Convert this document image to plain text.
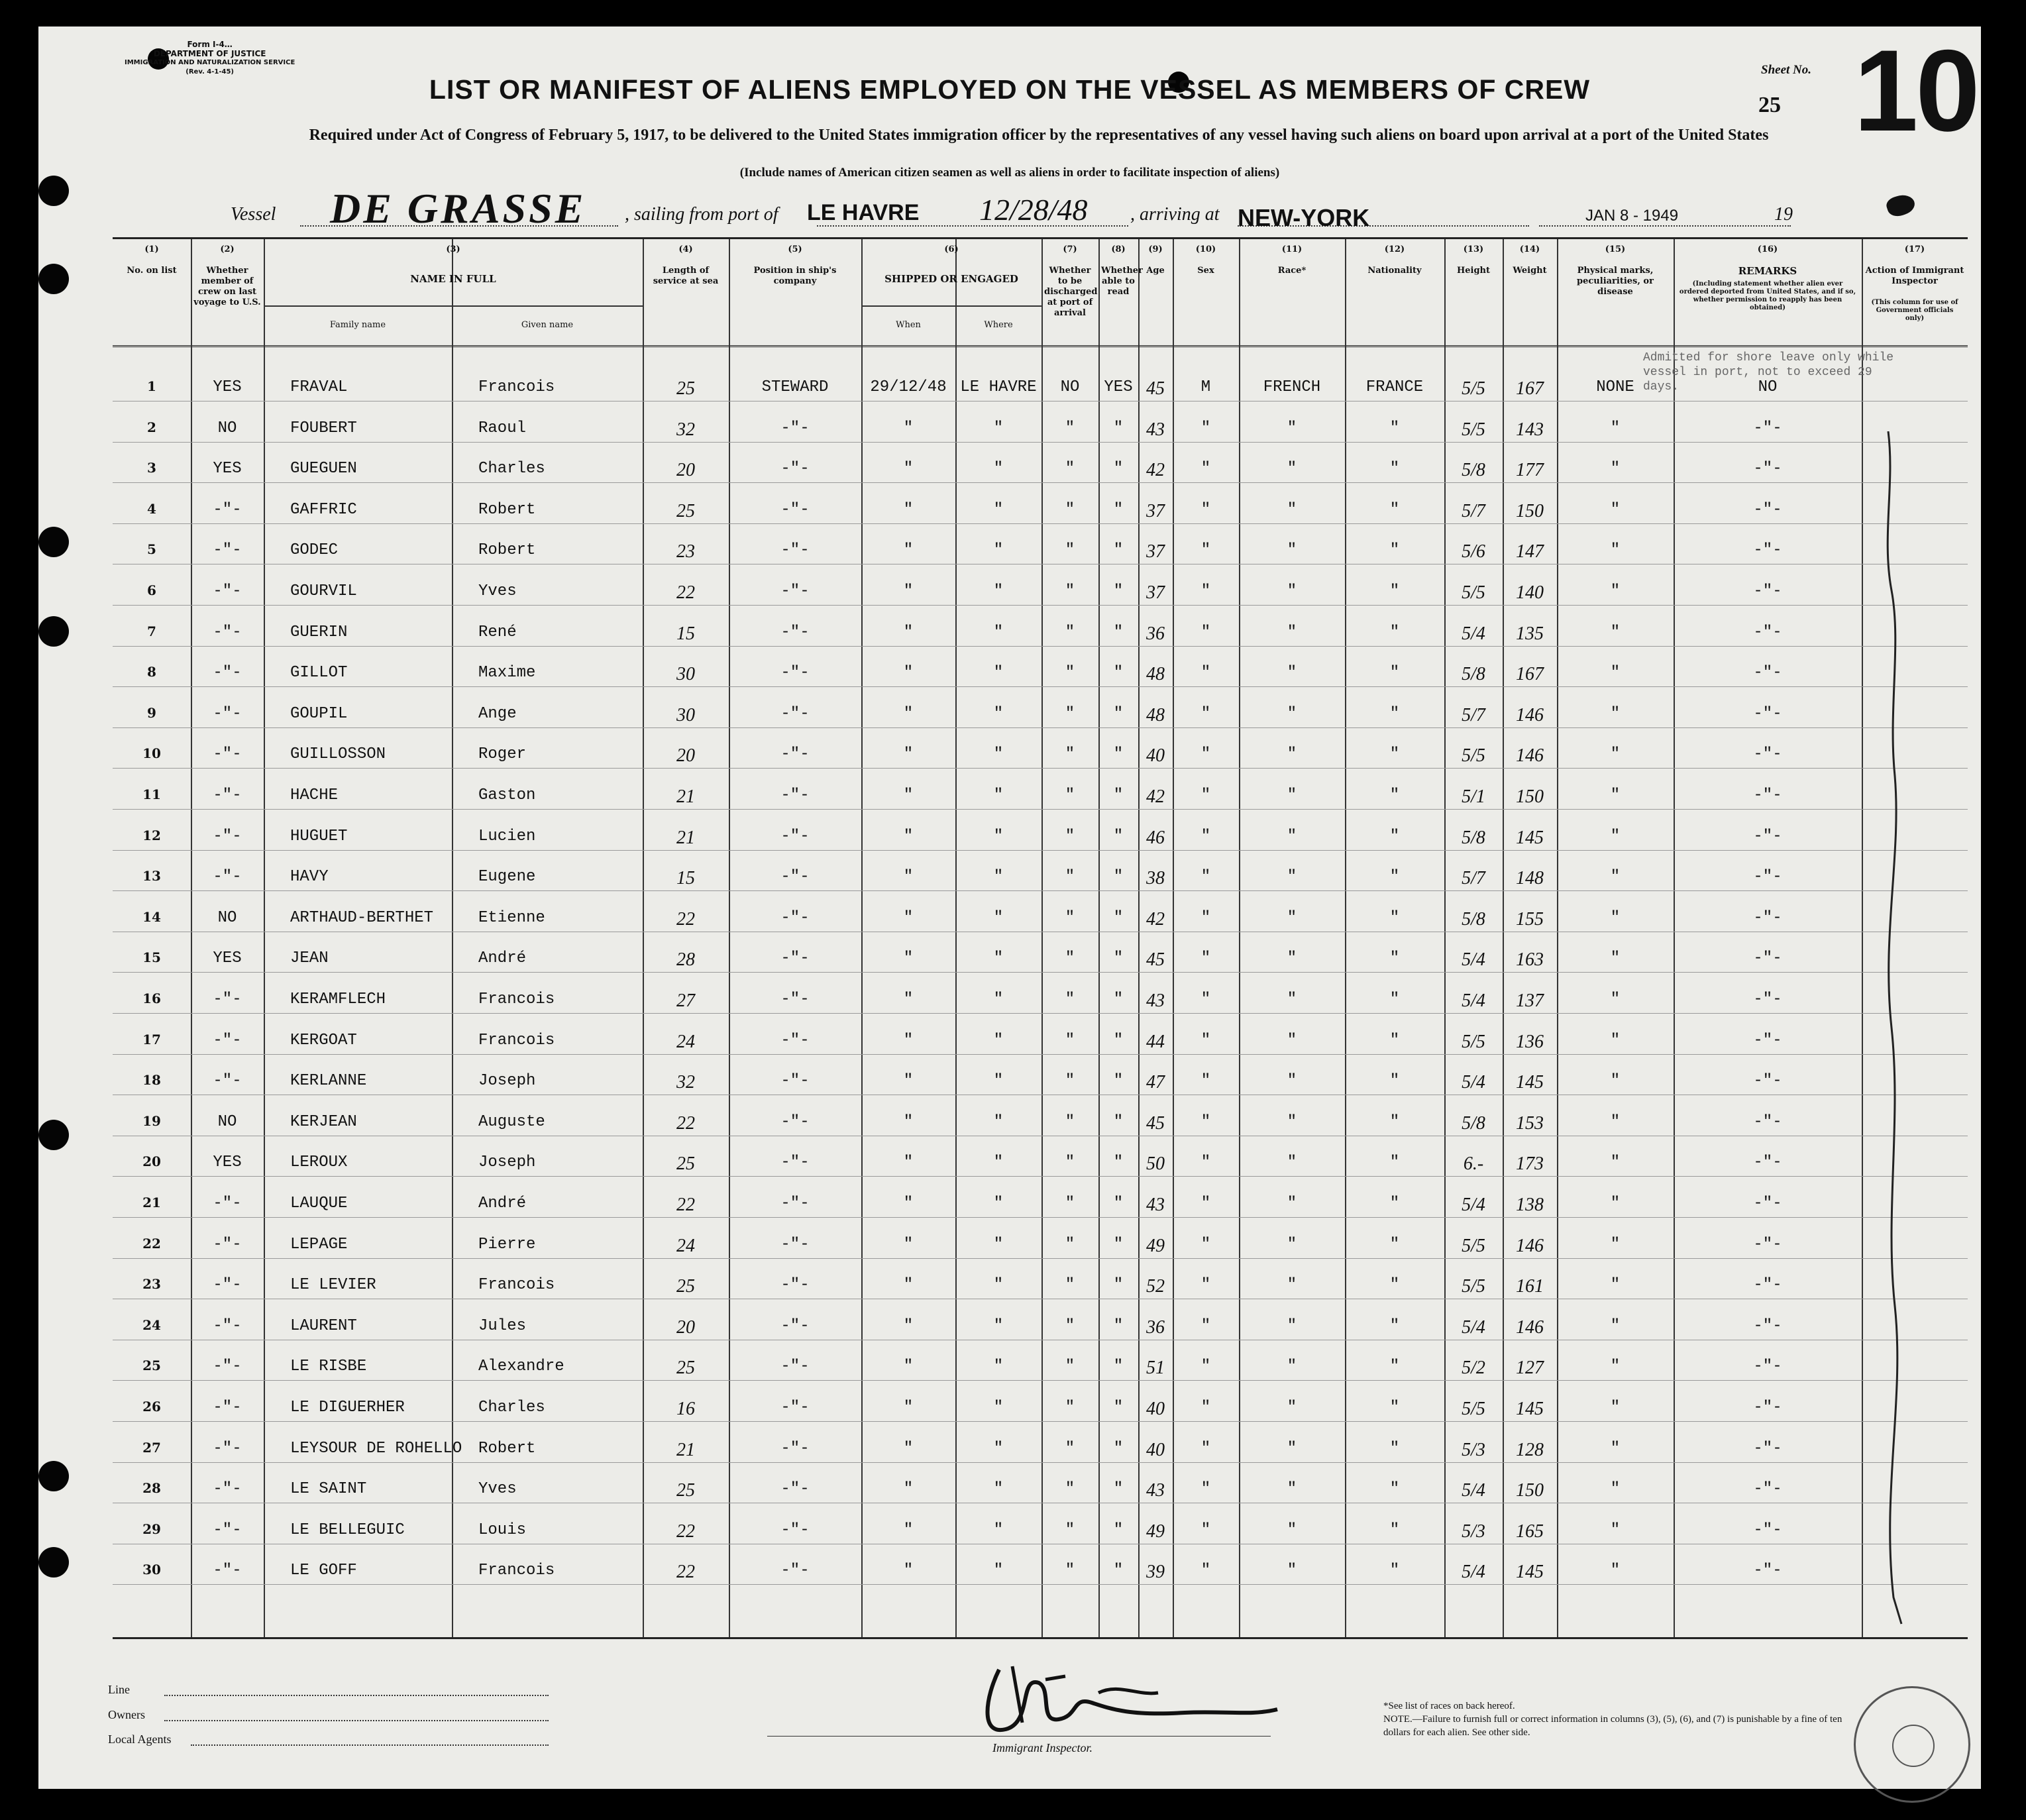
Form I-4…
DEPARTMENT OF JUSTICE
IMMIGRATION AND NATURALIZATION SERVICE
(Rev. 4-1-45)
LIST OR MANIFEST OF ALIENS EMPLOYED ON THE VESSEL AS MEMBERS OF CREW
Sheet No.
25 10
Required under Act of Congress of February 5, 1917, to be delivered to the United States immigration officer by the representatives of any vessel having such aliens on board upon arrival at a port of the United States
(Include names of American citizen seamen as well as aliens in order to facilitate inspection of aliens)
Vessel DE GRASSE , sailing from port of LE HAVRE 12/28/48 , arriving at NEW-YORK	JAN 8 - 1949	19
(1)
No. on list
(2)
Whether member of crew on last voyage to U.S.
(3)
NAME IN FULL
Family name	Given name
(4)
Length of service at sea
(5)
Position in ship's company
(6)
SHIPPED OR ENGAGED
When	Where
(7)
Whether to be discharged at port of arrival
(8)
Whether able to read
(9)
Age
(10)
Sex
(11)
Race*
(12)
Nationality
(13)
Height
(14)
Weight
(15)
Physical marks, peculiarities, or disease
(16)
REMARKS
(Including statement whether alien ever ordered deported from United States, and if so, whether permission to reapply has been obtained)
(17)
Action of Immigrant Inspector
(This column for use of Government officials only)
Admitted for shore leave only while vessel in port, not to exceed 29 days.
1	YES	FRAVAL	Francois	25	STEWARD	29/12/48 LE HAVRE	NO	YES 45	M	FRENCH	FRANCE	5/5	167	NONE	NO
2	NO	FOUBERT	Raoul	32	-"-	"	"	"	"	43	"	"	"	5/5	143	"	-"-
3	YES	GUEGUEN	Charles	20	-"-	"	"	"	"	42	"	"	"	5/8	177	"	-"-
4	-"-	GAFFRIC	Robert	25	-"-	"	"	"	"	37	"	"	"	5/7	150	"	-"-
5	-"-	GODEC	Robert	23	-"-	"	"	"	"	37	"	"	"	5/6	147	"	-"-
6	-"-	GOURVIL	Yves	22	-"-	"	"	"	"	37	"	"	"	5/5	140	"	-"-
7	-"-	GUERIN	René	15	-"-	"	"	"	"	36	"	"	"	5/4	135	"	-"-
8	-"-	GILLOT	Maxime	30	-"-	"	"	"	"	48	"	"	"	5/8	167	"	-"-
9	-"-	GOUPIL	Ange	30	-"-	"	"	"	"	48	"	"	"	5/7	146	"	-"-
10	-"-	GUILLOSSON	Roger	20	-"-	"	"	"	"	40	"	"	"	5/5	146	"	-"-
11	-"-	HACHE	Gaston	21	-"-	"	"	"	"	42	"	"	"	5/1	150	"	-"-
12	-"-	HUGUET	Lucien	21	-"-	"	"	"	"	46	"	"	"	5/8	145	"	-"-
13	-"-	HAVY	Eugene	15	-"-	"	"	"	"	38	"	"	"	5/7	148	"	-"-
14	NO	ARTHAUD-BERTHET	Etienne	22	-"-	"	"	"	"	42	"	"	"	5/8	155	"	-"-
15	YES	JEAN	André	28	-"-	"	"	"	"	45	"	"	"	5/4	163	"	-"-
16	-"-	KERAMFLECH	Francois	27	-"-	"	"	"	"	43	"	"	"	5/4	137	"	-"-
17	-"-	KERGOAT	Francois	24	-"-	"	"	"	"	44	"	"	"	5/5	136	"	-"-
18	-"-	KERLANNE	Joseph	32	-"-	"	"	"	"	47	"	"	"	5/4	145	"	-"-
19	NO	KERJEAN	Auguste	22	-"-	"	"	"	"	45	"	"	"	5/8	153	"	-"-
20	YES	LEROUX	Joseph	25	-"-	"	"	"	"	50	"	"	"	6.-	173	"	-"-
21	-"-	LAUQUE	André	22	-"-	"	"	"	"	43	"	"	"	5/4	138	"	-"-
22	-"-	LEPAGE	Pierre	24	-"-	"	"	"	"	49	"	"	"	5/5	146	"	-"-
23	-"-	LE LEVIER	Francois	25	-"-	"	"	"	"	52	"	"	"	5/5	161	"	-"-
24	-"-	LAURENT	Jules	20	-"-	"	"	"	"	36	"	"	"	5/4	146	"	-"-
25	-"-	LE RISBE	Alexandre	25	-"-	"	"	"	"	51	"	"	"	5/2	127	"	-"-
26	-"-	LE DIGUERHER	Charles	16	-"-	"	"	"	"	40	"	"	"	5/5	145	"	-"-
27	-"-	LEYSOUR DE ROHELLO Robert	21	-"-	"	"	"	"	40	"	"	"	5/3	128	"	-"-
28	-"-	LE SAINT	Yves	25	-"-	"	"	"	"	43	"	"	"	5/4	150	"	-"-
29	-"-	LE BELLEGUIC	Louis	22	-"-	"	"	"	"	49	"	"	"	5/3	165	"	-"-
30	-"-	LE GOFF	Francois	22	-"-	"	"	"	"	39	"	"	"	5/4	145	"	-"-
Line
Owners
Local Agents
Immigrant Inspector.
*See list of races on back hereof.
NOTE.—Failure to furnish full or correct information in columns (3), (5), (6), and (7) is punishable by a fine of ten dollars for each alien. See other side.
